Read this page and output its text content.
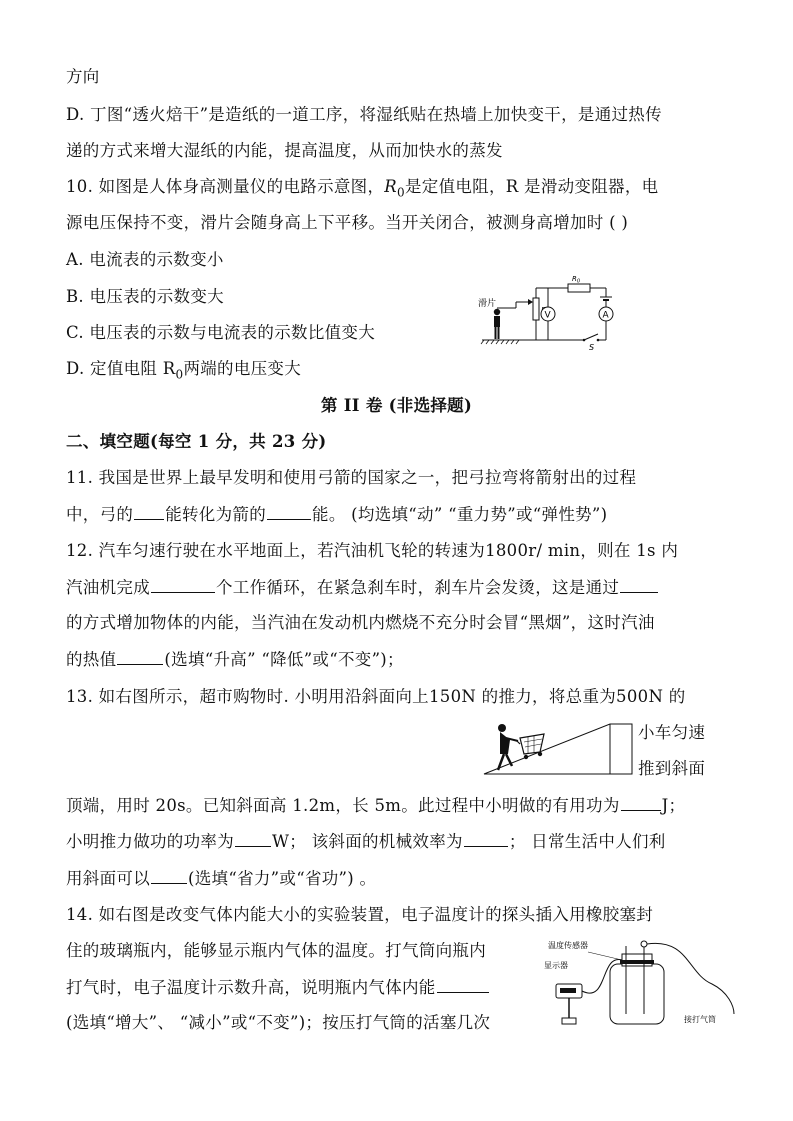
方向
D. 丁图“透火焙干”是造纸的一道工序，将湿纸贴在热墙上加快变干，是通过热传
递的方式来增大湿纸的内能，提高温度，从而加快水的蒸发
10. 如图是人体身高测量仪的电路示意图，$R_0$是定值电阻，R 是滑动变阻器，电
源电压保持不变，滑片会随身高上下平移。当开关闭合，被测身高增加时 ( )
A. 电流表的示数变小
B. 电压表的示数变大
C. 电压表的示数与电流表的示数比值变大
D. 定值电阻 $R_0$两端的电压变大
滑片
V
$R_0$
A
S
第 II 卷 (非选择题)
二、填空题(每空 1 分，共 23 分)
11. 我国是世界上最早发明和使用弓箭的国家之一，把弓拉弯将箭射出的过程
中，弓的 能转化为箭的	能。 (均选填“动” “重力势”或“弹性势”)
12. 汽车匀速行驶在水平地面上，若汽油机飞轮的转速为1800r/ min，则在 1s 内
汽油机完成	个工作循环，在紧急刹车时，刹车片会发烫，这是通过
的方式增加物体的内能，当汽油在发动机内燃烧不充分时会冒“黑烟”，这时汽油
的热值	(选填“升高” “降低”或“不变”)；
13. 如右图所示，超市购物时. 小明用沿斜面向上150N 的推力，将总重为500N 的
小车匀速
推到斜面
顶端，用时 20s。已知斜面高 1.2m，长 5m。此过程中小明做的有用功为	J；
小明推力做功的功率为 W； 该斜面的机械效率为	； 日常生活中人们利
用斜面可以 (选填“省力”或“省功”) 。
14. 如右图是改变气体内能大小的实验装置，电子温度计的探头插入用橡胶塞封
住的玻璃瓶内，能够显示瓶内气体的温度。打气筒向瓶内
打气时，电子温度计示数升高，说明瓶内气体内能
(选填“增大”、 “减小”或“不变”)；按压打气筒的活塞几次
温度传感器
显示器
接打气筒
